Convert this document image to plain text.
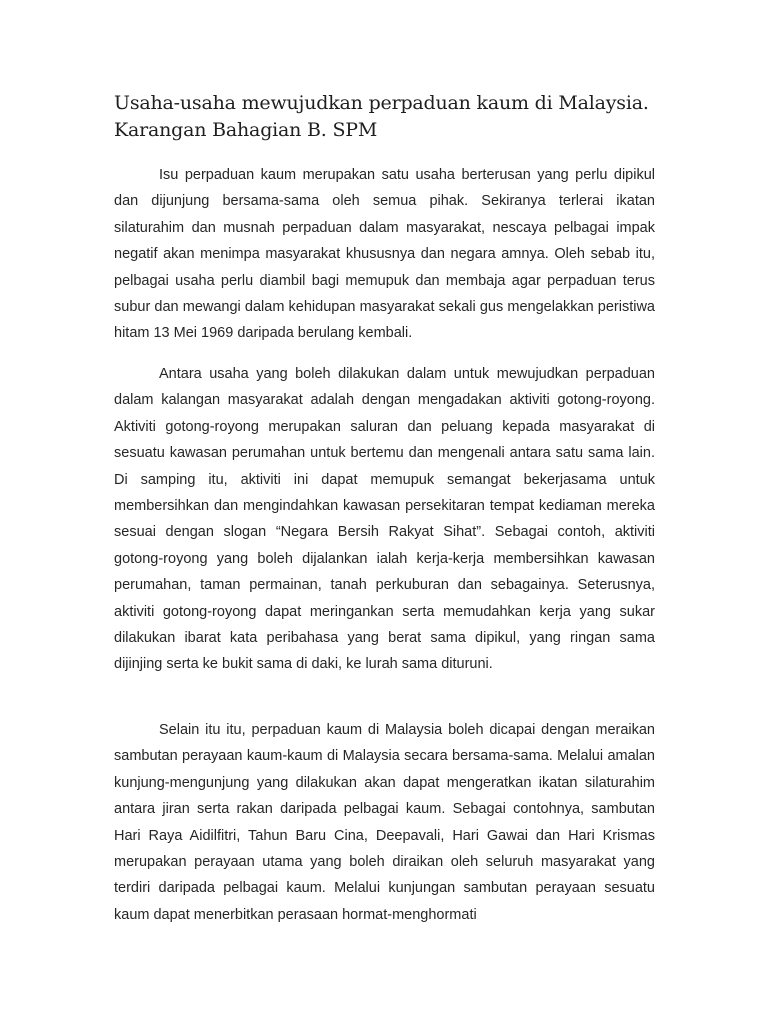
Usaha-usaha mewujudkan perpaduan kaum di Malaysia.
Karangan Bahagian B. SPM

Isu perpaduan kaum merupakan satu usaha berterusan yang perlu dipikul dan dijunjung bersama-sama oleh semua pihak. Sekiranya terlerai ikatan silaturahim dan musnah perpaduan dalam masyarakat, nescaya pelbagai impak negatif akan menimpa masyarakat khususnya dan negara amnya. Oleh sebab itu, pelbagai usaha perlu diambil bagi memupuk dan membaja agar perpaduan terus subur dan mewangi dalam kehidupan masyarakat sekali gus mengelakkan peristiwa hitam 13 Mei 1969 daripada berulang kembali.

Antara usaha yang boleh dilakukan dalam untuk mewujudkan perpaduan dalam kalangan masyarakat adalah dengan mengadakan aktiviti gotong-royong. Aktiviti gotong-royong merupakan saluran dan peluang kepada masyarakat di sesuatu kawasan perumahan untuk bertemu dan mengenali antara satu sama lain. Di samping itu, aktiviti ini dapat memupuk semangat bekerjasama untuk membersihkan dan mengindahkan kawasan persekitaran tempat kediaman mereka sesuai dengan slogan “Negara Bersih Rakyat Sihat”. Sebagai contoh, aktiviti gotong-royong yang boleh dijalankan ialah kerja-kerja membersihkan kawasan perumahan, taman permainan, tanah perkuburan dan sebagainya. Seterusnya, aktiviti gotong-royong dapat meringankan serta memudahkan kerja yang sukar dilakukan ibarat kata peribahasa yang berat sama dipikul, yang ringan sama dijinjing serta ke bukit sama di daki, ke lurah sama dituruni.

Selain itu itu, perpaduan kaum di Malaysia boleh dicapai dengan meraikan sambutan perayaan kaum-kaum di Malaysia secara bersama-sama. Melalui amalan kunjung-mengunjung yang dilakukan akan dapat mengeratkan ikatan silaturahim antara jiran serta rakan daripada pelbagai kaum. Sebagai contohnya, sambutan Hari Raya Aidilfitri, Tahun Baru Cina, Deepavali, Hari Gawai dan Hari Krismas merupakan perayaan utama yang boleh diraikan oleh seluruh masyarakat yang terdiri daripada pelbagai kaum. Melalui kunjungan sambutan perayaan sesuatu kaum dapat menerbitkan perasaan hormat-menghormati
